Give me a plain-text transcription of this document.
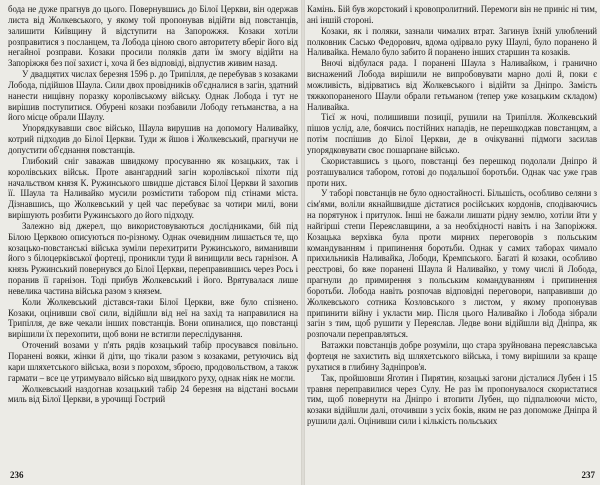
бода не дуже прагнув до цього. Повернувшись до Білої Церкви, він одержав листа від Жолкевського, у якому той пропонував відійти від повстанців, залишити Київщину й відступити на Запорожжя. Козаки хотіли розправитися з посланцем, та Лобода ціною свого авторитету вберіг його від негайної розправи. Козаки просили поляків дати їм змогу відійти на Запоріжжя без пої захист і, хоча й без відповіді, відпустив живим назад.

У двадцятих числах березня 1596 р. до Трипілля, де перебував з козаками Лобода, підійшов Шаула. Сили двох провідників об'єдналися в загін, здатний нанести нищівну поразку королівському війську. Однак Лобода і тут не вирішив поступитися. Обурені козаки позбавили Лободу гетьманства, а на його місце обрали Шаулу.

Упорядкувавши своє військо, Шаула вирушив на допомогу Наливайку, котрий підходив до Білої Церкви. Туди ж йшов і Жолкевський, прагнучи не допустити об'єднання повстанців.

Глибокий сніг заважав швидкому просуванню як козацьких, так і королівських військ. Проте авангардний загін королівської піхоти під начальством князя К. Ружинського швидше дістався Білої Церкви й захопив її. Шаула та Наливайко мусили розмістити табором під стінами міста. Дізнавшись, що Жолкевський у цей час перебуває за чотири милі, вони вирішують розбити Ружинського до його підходу.

Залежно від джерел, що використовуваються дослідниками, бій під Білою Церквою описуються по-різному. Однак очевидним лишається те, що козацько-повстанські війська зуміли перехитрити Ружинського, виманивши його з білоцерківської фортеці, проникли туди й винищили весь гарнізон. А князь Ружинський повернувся до Білої Церкви, переправившись через Рось і поранив її гарнізон. Тоді прибув Жолкевський і його. Врятувалася лише невелика частина війська разом з князем.

Коли Жолкевський дістався-таки Білої Церкви, вже було спізнено. Козаки, оцінивши свої сили, відійшли від неї на захід та направилися на Трипілля, де вже чекали інших повстанців. Вони опиналися, що повстанці вирішили їх перехопити, щоб вони не встигли переслідування.

Оточений возами у п'ять рядів козацький табір просувався повільно. Поранені вояки, жінки й діти, що тікали разом з козаками, ретуючись від кари шляхетського війська, вози з порохом, зброєю, продовольством, а також гармати – все це утримувало військо від швидкого руху, однак ніяк не могли.

Жолкевський наздогнав козацький табір 24 березня на відстані восьми миль від Білої Церкви, в урочищі Гострий

236

Камінь. Бій був жорстокий і кровопролитний. Перемоги він не приніс ні тим, ані іншій стороні.

Козаки, як і поляки, зазнали чималих втрат. Загинув їхній улюблений полковник Сасько Федорович, вдома одірвало руку Шаулі, було поранено й Наливайка. Немало було забито й поранено інших старшин та козаків.

Вночі відбулася рада. І поранені Шаула з Наливайком, і гранично виснажений Лобода вирішили не випробовувати марно долі й, поки є можливість, відірватись від Жолкевського і відійти за Дніпро. Замість тяжкопораненого Шаули обрали гетьманом (тепер уже козацьким складом) Наливайка.

Тієї ж ночі, полишивши позиції, рушили на Трипілля. Жолкевський пішов услід, але, боячись постійних нападів, не перешкоджав повстанцям, а потім поспішив до Білої Церкви, де в очікуванні підмоги засилав упорядковувати своє пошарпане військо.

Скориставшись з цього, повстанці без перешкод подолали Дніпро й розташувалися табором, готові до подальшої боротьби. Однак час уже грав проти них.

У таборі повстанців не було одностайності. Більшість, особливо селяни з сім'ями, воліли якнайшвидше дістатися російських кордонів, сподіваючись на порятунок і притулок. Інші не бажали лишати рідну землю, хотіли йти у найгірші степи Переяславщини, а за необхідності навіть і на Запоріжжя. Козацька верхівка була проти мирних переговорів з польським командуванням і припинення боротьби. Однак у самих таборах чимало прихильників Наливайка, Лободи, Кремпського. Багаті й козаки, особливо реєстрові, бо вже поранені Шаула й Наливайко, у тому числі й Лобода, прагнули до примирення з польським командуванням і припинення боротьби. Лобода навіть розпочав відповідні переговори, направивши до Жолкевського сотника Козловського з листом, у якому пропонував припинити війну і укласти мир. Після цього Наливайко і Лобода зібрали загін з тим, щоб рушити у Переяслав. Ледве вони відійшли від Дніпра, як розпочали переправляться.

Ватажки повстанців добре розуміли, що стара зруйнована переяславська фортеця не захистить від шляхетського війська, і тому вирішили за краще рухатися в глибину Задніпров'я.

Так, пройшовши Яготин і Пирятин, козацькі загони дісталися Лубен і 15 травня переправилися через Сулу. Не раз їм пропонувалося скористатися тим, щоб повернути на Дніпро і втопити Лубен, що підпалюючи місто, козаки відійшли далі, оточивши з усіх боків, яким не раз допоможе Дніпра й рушили далі. Оцінивши сили і кількість польських

237
